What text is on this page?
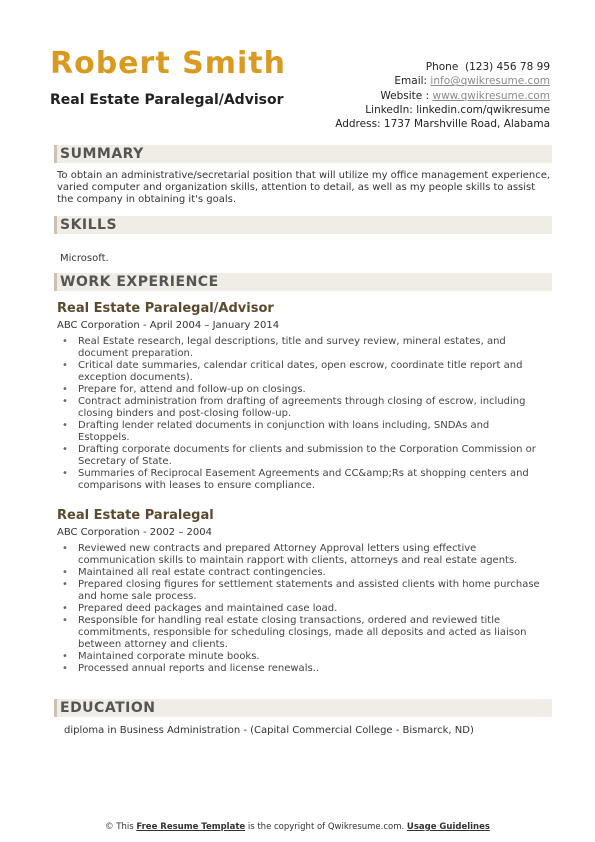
Robert Smith
Real Estate Paralegal/Advisor
Phone (123) 456 78 99
Email: info@qwikresume.com
Website : www.qwikresume.com
LinkedIn: linkedin.com/qwikresume
Address: 1737 Marshville Road, Alabama
SUMMARY
To obtain an administrative/secretarial position that will utilize my office management experience,
varied computer and organization skills, attention to detail, as well as my people skills to assist
the company in obtaining it's goals.
SKILLS
Microsoft.
WORK EXPERIENCE
Real Estate Paralegal/Advisor
ABC Corporation - April 2004 – January 2014
• Real Estate research, legal descriptions, title and survey review, mineral estates, and document preparation.
• Critical date summaries, calendar critical dates, open escrow, coordinate title report and exception documents).
• Prepare for, attend and follow-up on closings.
• Contract administration from drafting of agreements through closing of escrow, including closing binders and post-closing follow-up.
• Drafting lender related documents in conjunction with loans including, SNDAs and Estoppels.
• Drafting corporate documents for clients and submission to the Corporation Commission or Secretary of State.
• Summaries of Reciprocal Easement Agreements and CC&amp;Rs at shopping centers and comparisons with leases to ensure compliance.
Real Estate Paralegal
ABC Corporation - 2002 – 2004
• Reviewed new contracts and prepared Attorney Approval letters using effective communication skills to maintain rapport with clients, attorneys and real estate agents.
• Maintained all real estate contract contingencies.
• Prepared closing figures for settlement statements and assisted clients with home purchase and home sale process.
• Prepared deed packages and maintained case load.
• Responsible for handling real estate closing transactions, ordered and reviewed title commitments, responsible for scheduling closings, made all deposits and acted as liaison between attorney and clients.
• Maintained corporate minute books.
• Processed annual reports and license renewals..
EDUCATION
diploma in Business Administration - (Capital Commercial College - Bismarck, ND)
© This Free Resume Template is the copyright of Qwikresume.com. Usage Guidelines
